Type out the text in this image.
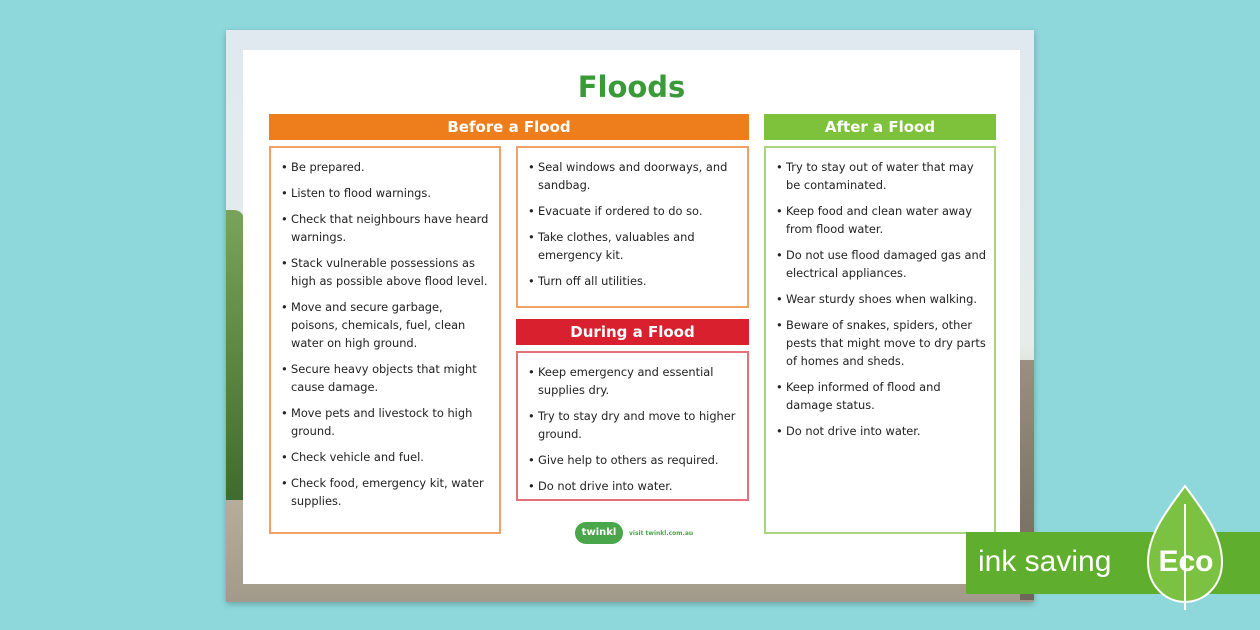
Floods
Before a Flood
• Be prepared.
• Listen to flood warnings.
• Check that neighbours have heard warnings.
• Stack vulnerable possessions as high as possible above flood level.
• Move and secure garbage, poisons, chemicals, fuel, clean water on high ground.
• Secure heavy objects that might cause damage.
• Move pets and livestock to high ground.
• Check vehicle and fuel.
• Check food, emergency kit, water supplies.
• Seal windows and doorways, and sandbag.
• Evacuate if ordered to do so.
• Take clothes, valuables and emergency kit.
• Turn off all utilities.
During a Flood
• Keep emergency and essential supplies dry.
• Try to stay dry and move to higher ground.
• Give help to others as required.
• Do not drive into water.
After a Flood
• Try to stay out of water that may be contaminated.
• Keep food and clean water away from flood water.
• Do not use flood damaged gas and electrical appliances.
• Wear sturdy shoes when walking.
• Beware of snakes, spiders, other pests that might move to dry parts of homes and sheds.
• Keep informed of flood and damage status.
• Do not drive into water.
twinkl	visit twinkl.com.au
ink saving Eco
